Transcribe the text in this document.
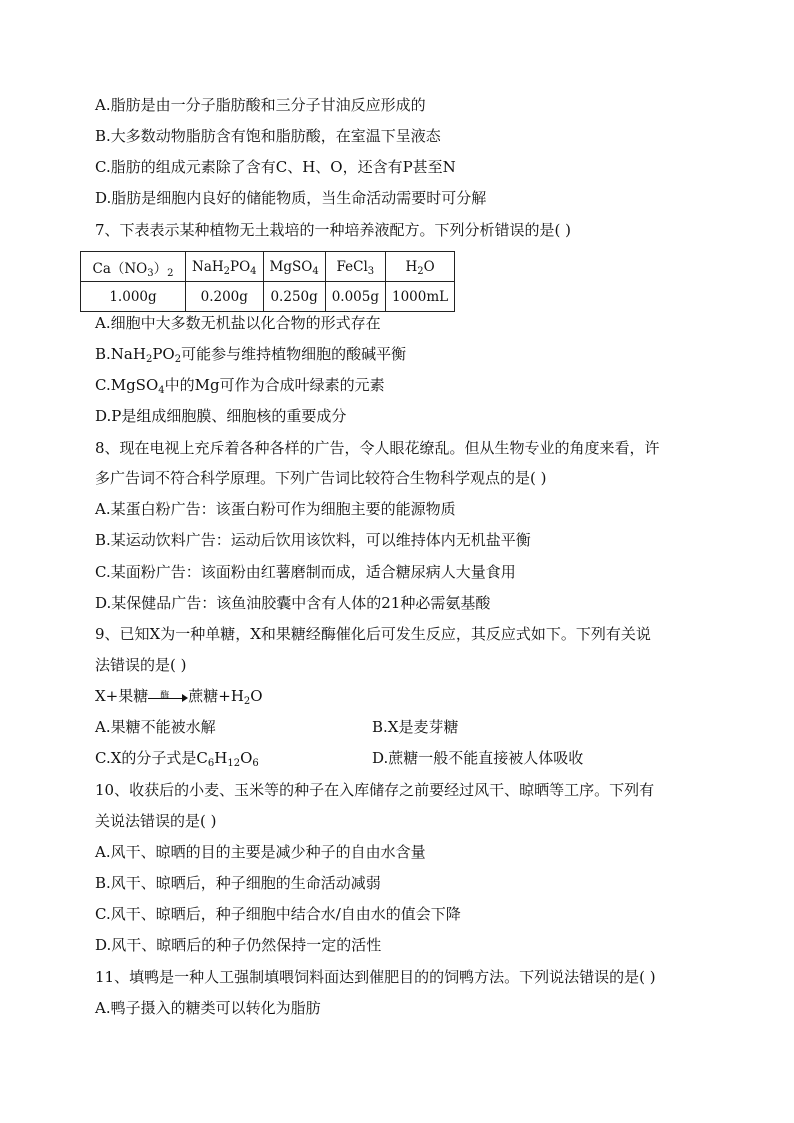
A.脂肪是由一分子脂肪酸和三分子甘油反应形成的
B.大多数动物脂肪含有饱和脂肪酸，在室温下呈液态
C.脂肪的组成元素除了含有C、H、O，还含有P甚至N
D.脂肪是细胞内良好的储能物质，当生命活动需要时可分解
7、下表表示某种植物无土栽培的一种培养液配方。下列分析错误的是( )
$Ca(NO_3)_2$	$NaH_2PO_4$	MgSO$_4$	FeCl$_3$	$H_2O$
1.000g	0.200g	0.250g	0.005g	1000mL
A.细胞中大多数无机盐以化合物的形式存在
$B.NaH_2PO_2$可能参与维持植物细胞的酸碱平衡
C.MgSO$_4$中的Mg可作为合成叶绿素的元素
D.P是组成细胞膜、细胞核的重要成分
8、现在电视上充斥着各种各样的广告，令人眼花缭乱。但从生物专业的角度来看，许
多广告词不符合科学原理。下列广告词比较符合生物科学观点的是( )
A.某蛋白粉广告：该蛋白粉可作为细胞主要的能源物质
B.某运动饮料广告：运动后饮用该饮料，可以维持体内无机盐平衡
C.某面粉广告：该面粉由红薯磨制而成，适合糖尿病人大量食用
D.某保健品广告：该鱼油胶囊中含有人体的21种必需氨基酸
9、已知X为一种单糖，X和果糖经酶催化后可发生反应，其反应式如下。下列有关说
法错误的是( )
X+果糖 酶 蔗糖$+H_2O$
A.果糖不能被水解	B.X是麦芽糖
C.X的分子式是$C_6H_{12}O_6$	D.蔗糖一般不能直接被人体吸收
10、收获后的小麦、玉米等的种子在入库储存之前要经过风干、晾晒等工序。下列有
关说法错误的是( )
A.风干、晾晒的目的主要是减少种子的自由水含量
B.风干、晾晒后，种子细胞的生命活动减弱
C.风干、晾晒后，种子细胞中结合水/自由水的值会下降
D.风干、晾晒后的种子仍然保持一定的活性
11、填鸭是一种人工强制填喂饲料面达到催肥目的的饲鸭方法。下列说法错误的是( )
A.鸭子摄入的糖类可以转化为脂肪
